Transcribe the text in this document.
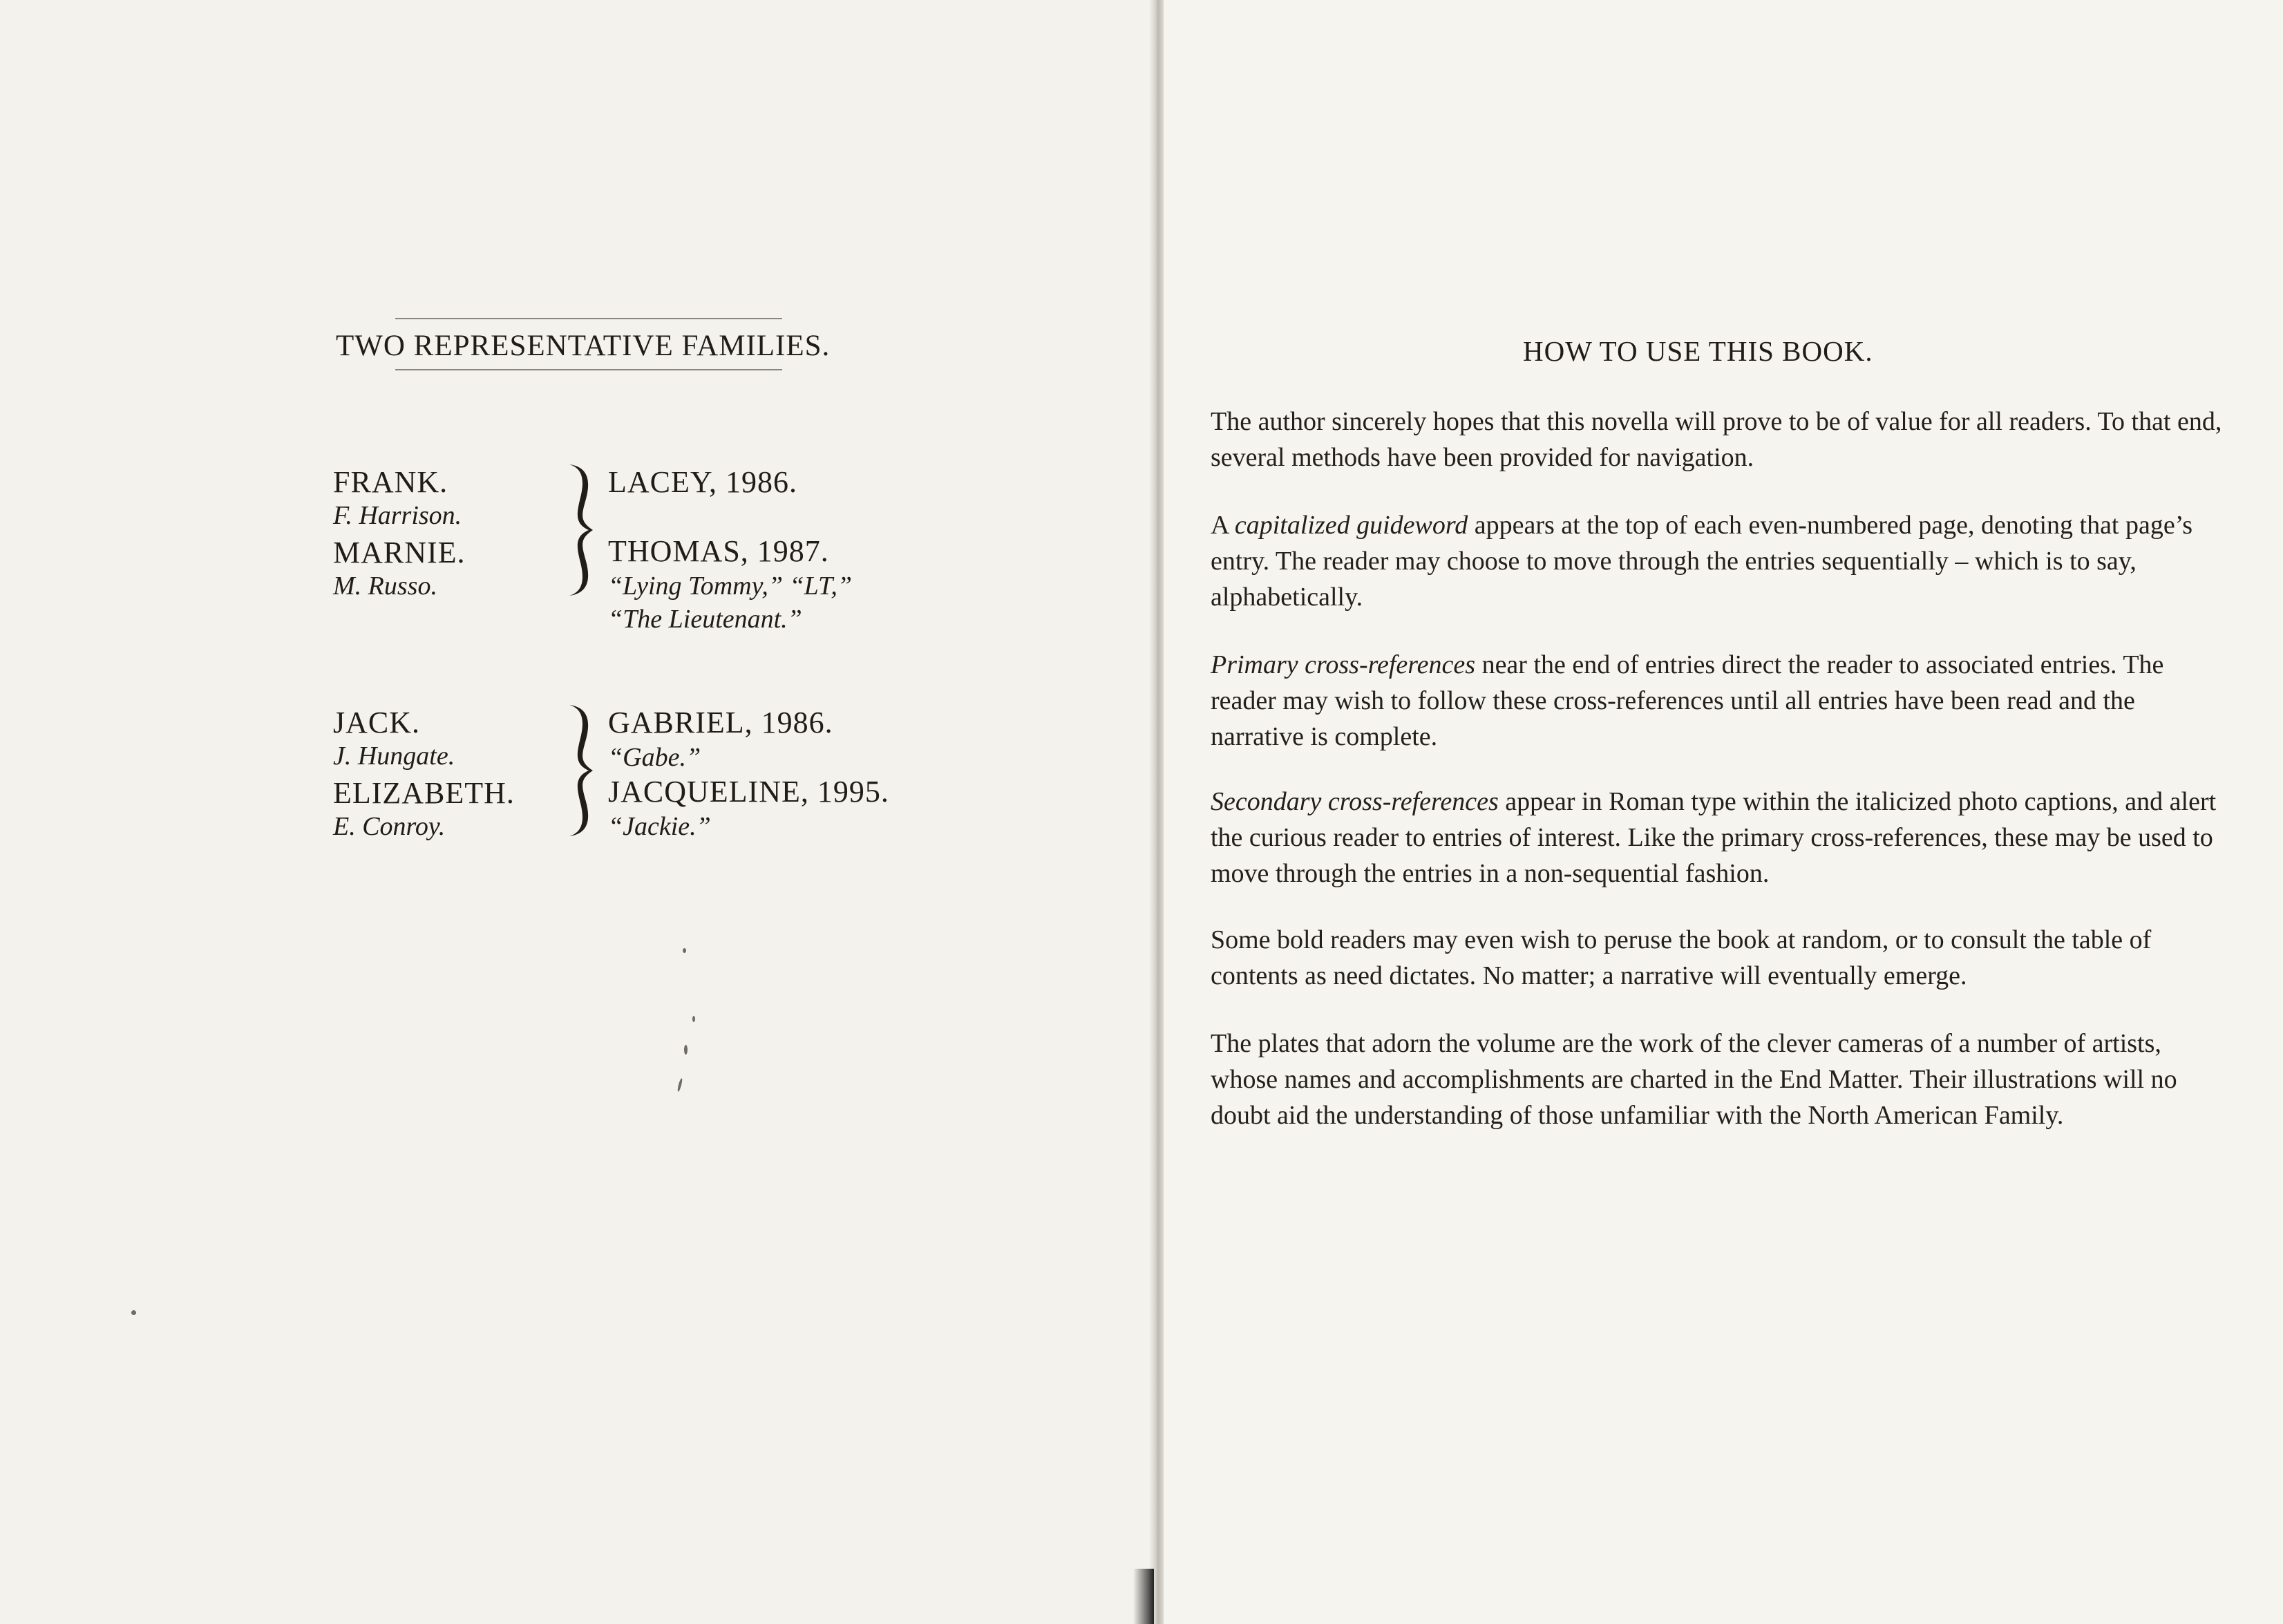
TWO REPRESENTATIVE FAMILIES.
FRANK.
F. Harrison.
MARNIE.
M. Russo.
LACEY, 1986.
THOMAS, 1987.
“Lying Tommy,” “LT,”
“The Lieutenant.”
JACK.
J. Hungate.
ELIZABETH.
E. Conroy.
GABRIEL, 1986.
“Gabe.”
JACQUELINE, 1995.
“Jackie.”
HOW TO USE THIS BOOK.
The author sincerely hopes that this novella will prove to be of value for all readers. To that end, several methods have been provided for navigation.
A capitalized guideword appears at the top of each even-numbered page, denoting that page’s entry. The reader may choose to move through the entries sequentially – which is to say, alphabetically.
Primary cross-references near the end of entries direct the reader to associated entries. The reader may wish to follow these cross-references until all entries have been read and the narrative is complete.
Secondary cross-references appear in Roman type within the italicized photo captions, and alert the curious reader to entries of interest. Like the primary cross-references, these may be used to move through the entries in a non-sequential fashion.
Some bold readers may even wish to peruse the book at random, or to consult the table of contents as need dictates. No matter; a narrative will eventually emerge.
The plates that adorn the volume are the work of the clever cameras of a number of artists, whose names and accomplishments are charted in the End Matter. Their illustrations will no doubt aid the understanding of those unfamiliar with the North American Family.
